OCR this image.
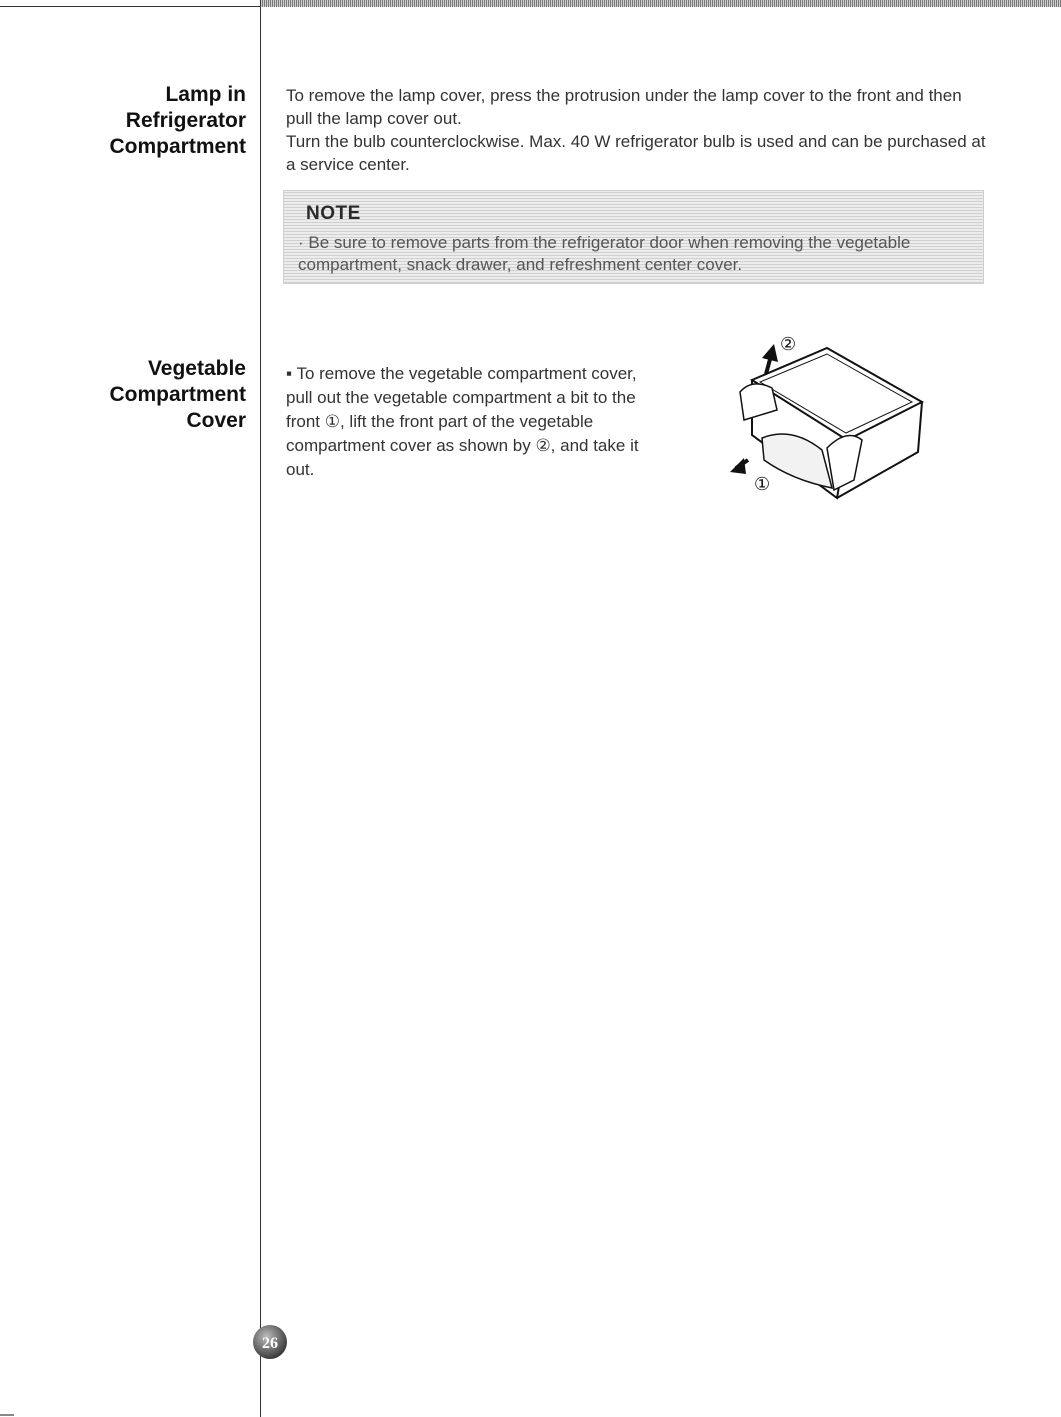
Lamp in
Refrigerator
Compartment
To remove the lamp cover, press the protrusion under the lamp cover to the front and then pull the lamp cover out.
Turn the bulb counterclockwise. Max. 40 W refrigerator bulb is used and can be purchased at a service center.
NOTE
· Be sure to remove parts from the refrigerator door when removing the vegetable compartment, snack drawer, and refreshment center cover.
Vegetable
Compartment
Cover
▪ To remove the vegetable compartment cover, pull out the vegetable compartment a bit to the front ①, lift the front part of the vegetable compartment cover as shown by ②, and take it out.
②
①
26
